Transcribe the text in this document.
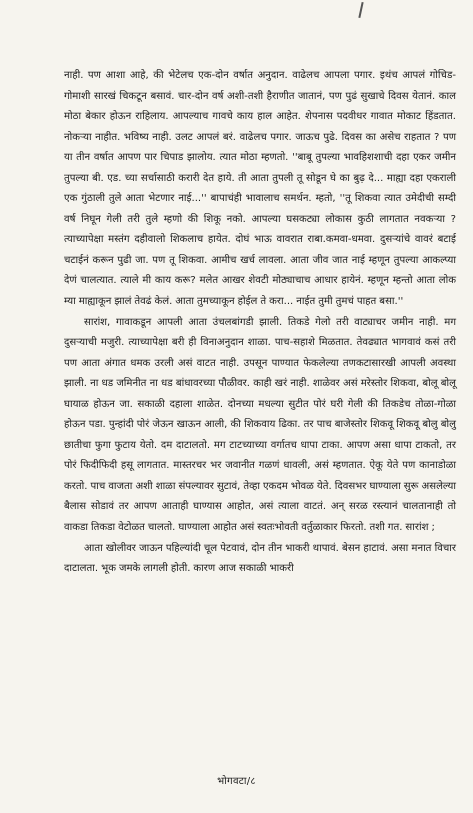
नाही. पण आशा आहे, की भेटेलच एक-दोन वर्षात अनुदान. वाढेलच आपला पगार. इथंच आपलं गोचिड-गोमाशी सारखं चिकटून बसावं. चार-दोन वर्ष अशी-तशी हैराणीत जातानं, पण पुढं सुखाचे दिवस येतानं. काल मोठा बेकार होऊन राहिलाय. आपल्याच गावचे काय हाल आहेत. शेपनास पदवीधर गावात मोकाट हिंडतात. नोकऱ्या नाहीत. भविष्य नाही. उलट आपलं बरं. वाढेलच पगार. जाऊच पुढे. दिवस का असेच राहतात ? पण या तीन वर्षात आपण पार चिपाड झालोय. त्यात मोठा म्हणतो. ''बाबू तुपल्या भावहिशशाची दहा एकर जमीन तुपल्या बी. एड. च्या सर्चासाठी करारी देत हाये. ती आता तुपली तू सोडून घे का बुढ़ दे... माह्या दहा एकराली एक गुंठाली तुले आता भेटणार नाई...'' बापाचंही भावालाच समर्थन. म्हतो, ''तू शिकवा त्यात उमेदीची सम्दी वर्ष निघून गेली तरी तुले म्हणो की शिकू नको. आपल्या घसकट्या लोकास कुठी लागतात नवकऱ्या ? त्याच्यापेक्षा मस्तंग दहीवालो शिकलाच हायेत. दोघं भाऊ वावरात राबा.कमवा-धमवा. दुसऱ्यांचे वावरं बटाई चटाईनं करून पुढी जा. पण तू शिकवा. आमीच खर्च लावला. आता जीव जात नाई म्हणून तुपल्या आकल्प्या देणं चालत्यात. त्याले मी काय करू? मलेत आखर शेवटी मोठ्याचाच आधार हायेनं. म्हणून म्हन्तो आता लोक म्या माह्याकून झालं तेवढं केलं. आता तुमच्याकून होईल ते करा... नाईत तुमी तुमचं पाहत बसा.''

सारांश, गावाकडून आपली आता उंचलबांगडी झाली. तिकडे गेलो तरी वाट्याचर जमीन नाही. मग दुसऱ्याची मजुरी. त्याच्यापेक्षा बरी ही विनाअनुदान शाळा. पाच-सहाशे मिळतात. तेवढ्यात भागवावं कसं तरी पण आता अंगात धमक उरली असं वाटत नाही. उपसून पाण्यात फेकलेल्या तणकटासारखी आपली अवस्था झाली. ना धड जमिनीत ना धड बांधावरच्या पौळीवर. काही खरं नाही. शाळेवर असं मरेस्तोर शिकवा, बोलू बोलू घायाळ होऊन जा. सकाळी दहाला शाळेत. दोनच्या मधल्या सुटीत पोरं घरी गेली की तिकडेच तोळा-गोळा होऊन पडा. पुन्हांदी पोरं जेऊन खाऊन आली, की शिकवाय ढिका. तर पाच बाजेस्तोर शिकवू शिकवू बोलु बोलु छातीचा फुगा फुटाय येतो. दम दाटालतो. मग टाटच्याच्या वर्गातच धापा टाका. आपण असा धापा टाकतो, तर पोरं फिदीफिदी हसू लागतात. मास्तरचर भर जवानीत गळणं धावली, असं म्हणतात. ऐकू येते पण कानाडोळा करतो. पाच वाजता अशी शाळा संपल्यावर सुटावं, तेव्हा एकदम भोवळ येते. दिवसभर घाण्याला सुरू असलेल्या बैलास सोडावं तर आपण आताही घाण्यास आहोत, असं त्याला वाटतं. अन् सरळ रस्त्यानं चालतानाही तो वाकडा तिकडा वेटोळत चालतो. घाण्याला आहोत असं स्वतःभोवती वर्तुळाकार फिरतो. तशी गत. सारांश ;

आता खोलीवर जाऊन पहिल्यांदी चूल पेटवावं, दोन तीन भाकरी थापावं. बेसन हाटावं. असा मनात विचार दाटालता. भूक जमके लागली होती. कारण आज सकाळी भाकरी

भोगवटा/८
